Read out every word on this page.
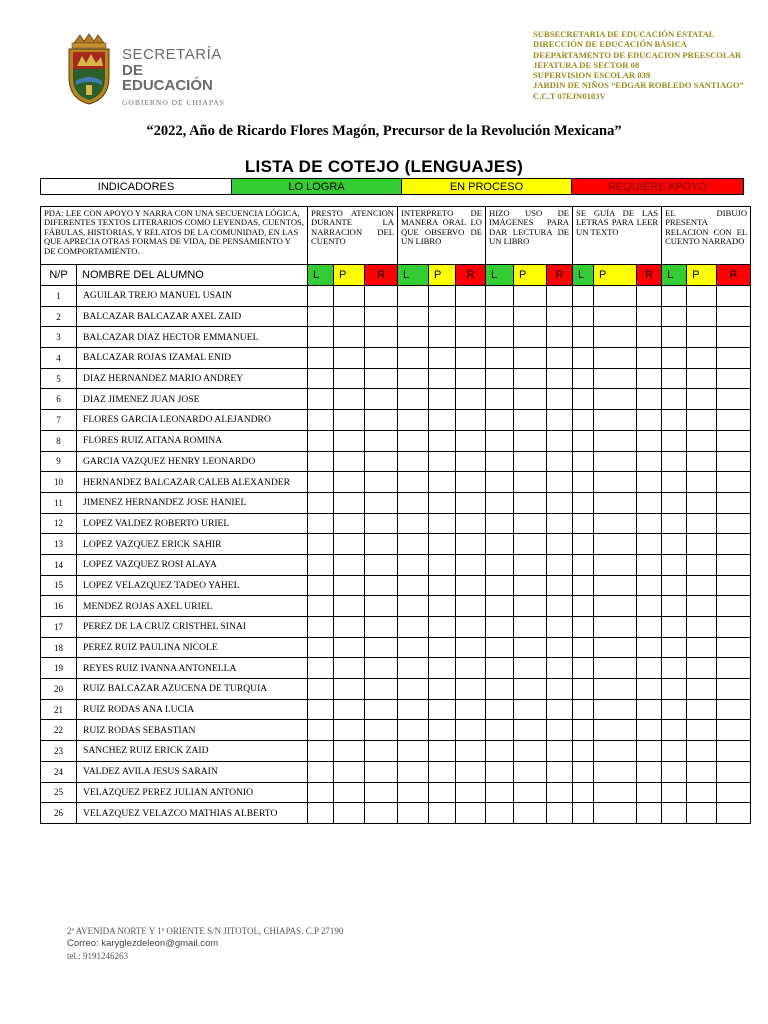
SECRETARÍA
DE EDUCACIÓN
GOBIERNO DE CHIAPAS
SUBSECRETARIA DE EDUCACIÓN ESTATAL
DIRECCIÓN DE EDUCACIÓN BÁSICA
DEEPARTAMENTO DE EDUCACION PREESCOLAR
JEFATURA DE SECTOR 08
SUPERVISION ESCOLAR 039
JARDIN DE NIÑOS “EDGAR ROBLEDO SANTIAGO”
C.C.T 07EJN0103V
“2022, Año de Ricardo Flores Magón, Precursor de la Revolución Mexicana”
LISTA DE COTEJO (LENGUAJES)
INDICADORES	LO LOGRA	EN PROCESO	REQUIERE APOYO
PDA: LEE CON APOYO Y NARRA CON UNA SECUENCIA LÓGICA, DIFERENTES TEXTOS LITERARIOS COMO LEYENDAS, CUENTOS, FÁBULAS, HISTORIAS, Y RELATOS DE LA COMUNIDAD, EN LAS QUE APRECIA OTRAS FORMAS DE VIDA, DE PENSAMIENTO Y DE COMPORTAMIENTO.		PRESTO ATENCION DURANTE LA NARRACION DEL CUENTO			INTERPRETO DE MANERA ORAL LO QUE OBSERVO DE UN LIBRO			HIZO USO DE IMÁGENES PARA DAR LECTURA DE UN LIBRO			SE GUÍA DE LAS LETRAS PARA LEER UN TEXTO			EL DIBUJO PRESENTA RELACION CON EL CUENTO NARRADO		
N/P	NOMBRE DEL ALUMNO	L	P	R	L	P	R	L	P	R	L	P	R	L	P	R
1	AGUILAR TREJO MANUEL USAIN															
2	BALCAZAR BALCAZAR AXEL ZAID															
3	BALCAZAR DIAZ HECTOR EMMANUEL															
4	BALCAZAR ROJAS IZAMAL ENID															
5	DIAZ HERNANDEZ MARIO ANDREY															
6	DIAZ JIMENEZ JUAN JOSE															
7	FLORES GARCIA LEONARDO ALEJANDRO															
8	FLORES RUIZ AITANA ROMINA															
9	GARCIA VAZQUEZ HENRY LEONARDO															
10	HERNANDEZ BALCAZAR CALEB ALEXANDER															
11	JIMENEZ HERNANDEZ JOSE HANIEL															
12	LOPEZ VALDEZ ROBERTO URIEL															
13	LOPEZ VAZQUEZ ERICK SAHIR															
14	LOPEZ VAZQUEZ ROSI ALAYA															
15	LOPEZ VELAZQUEZ TADEO YAHEL															
16	MENDEZ ROJAS AXEL URIEL															
17	PEREZ DE LA CRUZ CRISTHEL SINAI															
18	PEREZ RUIZ PAULINA NICOLE															
19	REYES RUIZ IVANNA ANTONELLA															
20	RUIZ BALCAZAR AZUCENA DE TURQUIA															
21	RUIZ RODAS ANA LUCIA															
22	RUIZ RODAS SEBASTIAN															
23	SANCHEZ RUIZ ERICK ZAID															
24	VALDEZ AVILA JESUS SARAIN															
25	VELAZQUEZ PEREZ JULIAN ANTONIO															
26	VELAZQUEZ VELAZCO MATHIAS ALBERTO															
2ª AVENIDA NORTE Y 1ª ORIENTE S/N JITOTOL, CHIAPAS. C.P 27190
Correo: karyglezdeleon@gmail.com
tel.: 9191246263
